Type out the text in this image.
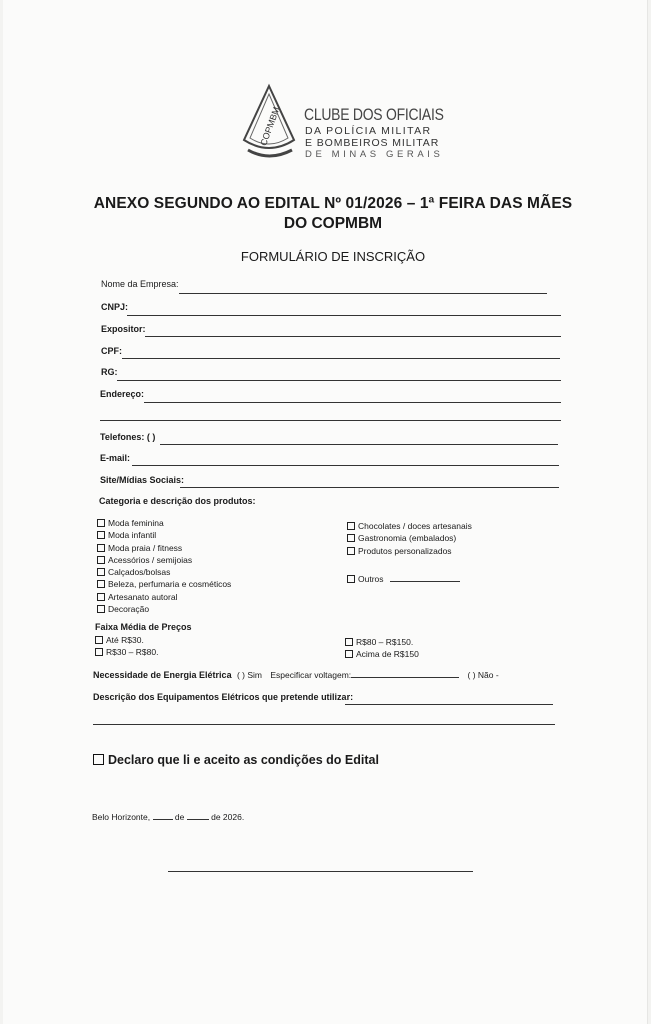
COPMBM CLUBE DOS OFICIAIS
DA POLÍCIA MILITAR
E BOMBEIROS MILITAR
DE MINAS GERAIS
ANEXO SEGUNDO AO EDITAL Nº 01/2026 – 1ª FEIRA DAS MÃES
DO COPMBM
FORMULÁRIO DE INSCRIÇÃO
Nome da Empresa:
CNPJ:
Expositor:
CPF:
RG:
Endereço:
Telefones: ( )
E-mail:
Site/Mídias Sociais:
Categoria e descrição dos produtos:
Moda feminina
Moda infantil
Moda praia / fitness
Acessórios / semijoias
Calçados/bolsas
Beleza, perfumaria e cosméticos
Artesanato autoral
Decoração
Chocolates / doces artesanais
Gastronomia (embalados)
Produtos personalizados
Outros
Faixa Média de Preços
Até R$30.
R$30 – R$80.
R$80 – R$150.
Acima de R$150
Necessidade de Energia Elétrica ( ) Sim Especificar voltagem:	( ) Não -
Descrição dos Equipamentos Elétricos que pretende utilizar:
Declaro que li e aceito as condições do Edital
Belo Horizonte,	de	de 2026.
